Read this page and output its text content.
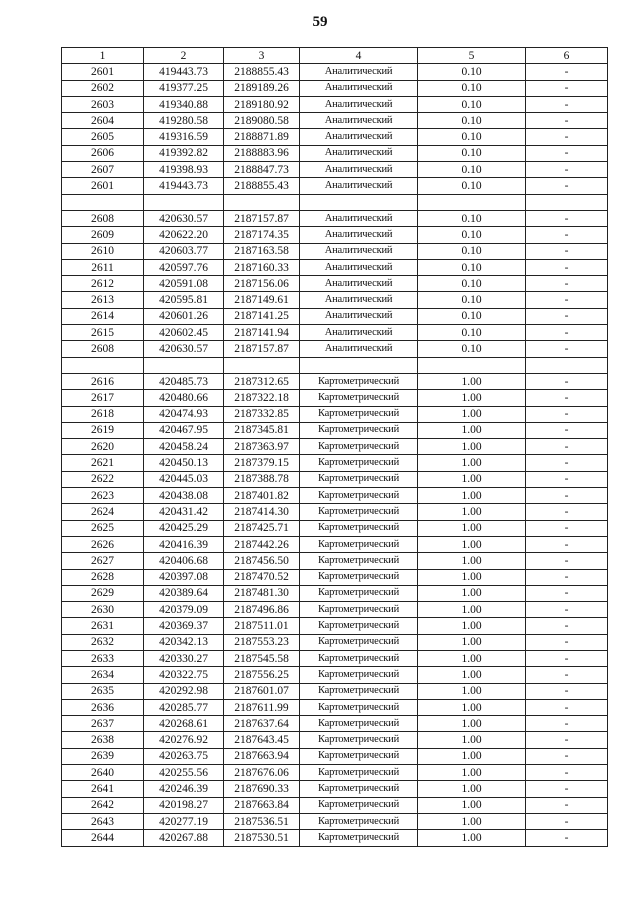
59
1	2	3	4	5	6
2601	419443.73	2188855.43	Аналитический	0.10	-
2602	419377.25	2189189.26	Аналитический	0.10	-
2603	419340.88	2189180.92	Аналитический	0.10	-
2604	419280.58	2189080.58	Аналитический	0.10	-
2605	419316.59	2188871.89	Аналитический	0.10	-
2606	419392.82	2188883.96	Аналитический	0.10	-
2607	419398.93	2188847.73	Аналитический	0.10	-
2601	419443.73	2188855.43	Аналитический	0.10	-

2608	420630.57	2187157.87	Аналитический	0.10	-
2609	420622.20	2187174.35	Аналитический	0.10	-
2610	420603.77	2187163.58	Аналитический	0.10	-
2611	420597.76	2187160.33	Аналитический	0.10	-
2612	420591.08	2187156.06	Аналитический	0.10	-
2613	420595.81	2187149.61	Аналитический	0.10	-
2614	420601.26	2187141.25	Аналитический	0.10	-
2615	420602.45	2187141.94	Аналитический	0.10	-
2608	420630.57	2187157.87	Аналитический	0.10	-

2616	420485.73	2187312.65	Картометрический	1.00	-
2617	420480.66	2187322.18	Картометрический	1.00	-
2618	420474.93	2187332.85	Картометрический	1.00	-
2619	420467.95	2187345.81	Картометрический	1.00	-
2620	420458.24	2187363.97	Картометрический	1.00	-
2621	420450.13	2187379.15	Картометрический	1.00	-
2622	420445.03	2187388.78	Картометрический	1.00	-
2623	420438.08	2187401.82	Картометрический	1.00	-
2624	420431.42	2187414.30	Картометрический	1.00	-
2625	420425.29	2187425.71	Картометрический	1.00	-
2626	420416.39	2187442.26	Картометрический	1.00	-
2627	420406.68	2187456.50	Картометрический	1.00	-
2628	420397.08	2187470.52	Картометрический	1.00	-
2629	420389.64	2187481.30	Картометрический	1.00	-
2630	420379.09	2187496.86	Картометрический	1.00	-
2631	420369.37	2187511.01	Картометрический	1.00	-
2632	420342.13	2187553.23	Картометрический	1.00	-
2633	420330.27	2187545.58	Картометрический	1.00	-
2634	420322.75	2187556.25	Картометрический	1.00	-
2635	420292.98	2187601.07	Картометрический	1.00	-
2636	420285.77	2187611.99	Картометрический	1.00	-
2637	420268.61	2187637.64	Картометрический	1.00	-
2638	420276.92	2187643.45	Картометрический	1.00	-
2639	420263.75	2187663.94	Картометрический	1.00	-
2640	420255.56	2187676.06	Картометрический	1.00	-
2641	420246.39	2187690.33	Картометрический	1.00	-
2642	420198.27	2187663.84	Картометрический	1.00	-
2643	420277.19	2187536.51	Картометрический	1.00	-
2644	420267.88	2187530.51	Картометрический	1.00	-
